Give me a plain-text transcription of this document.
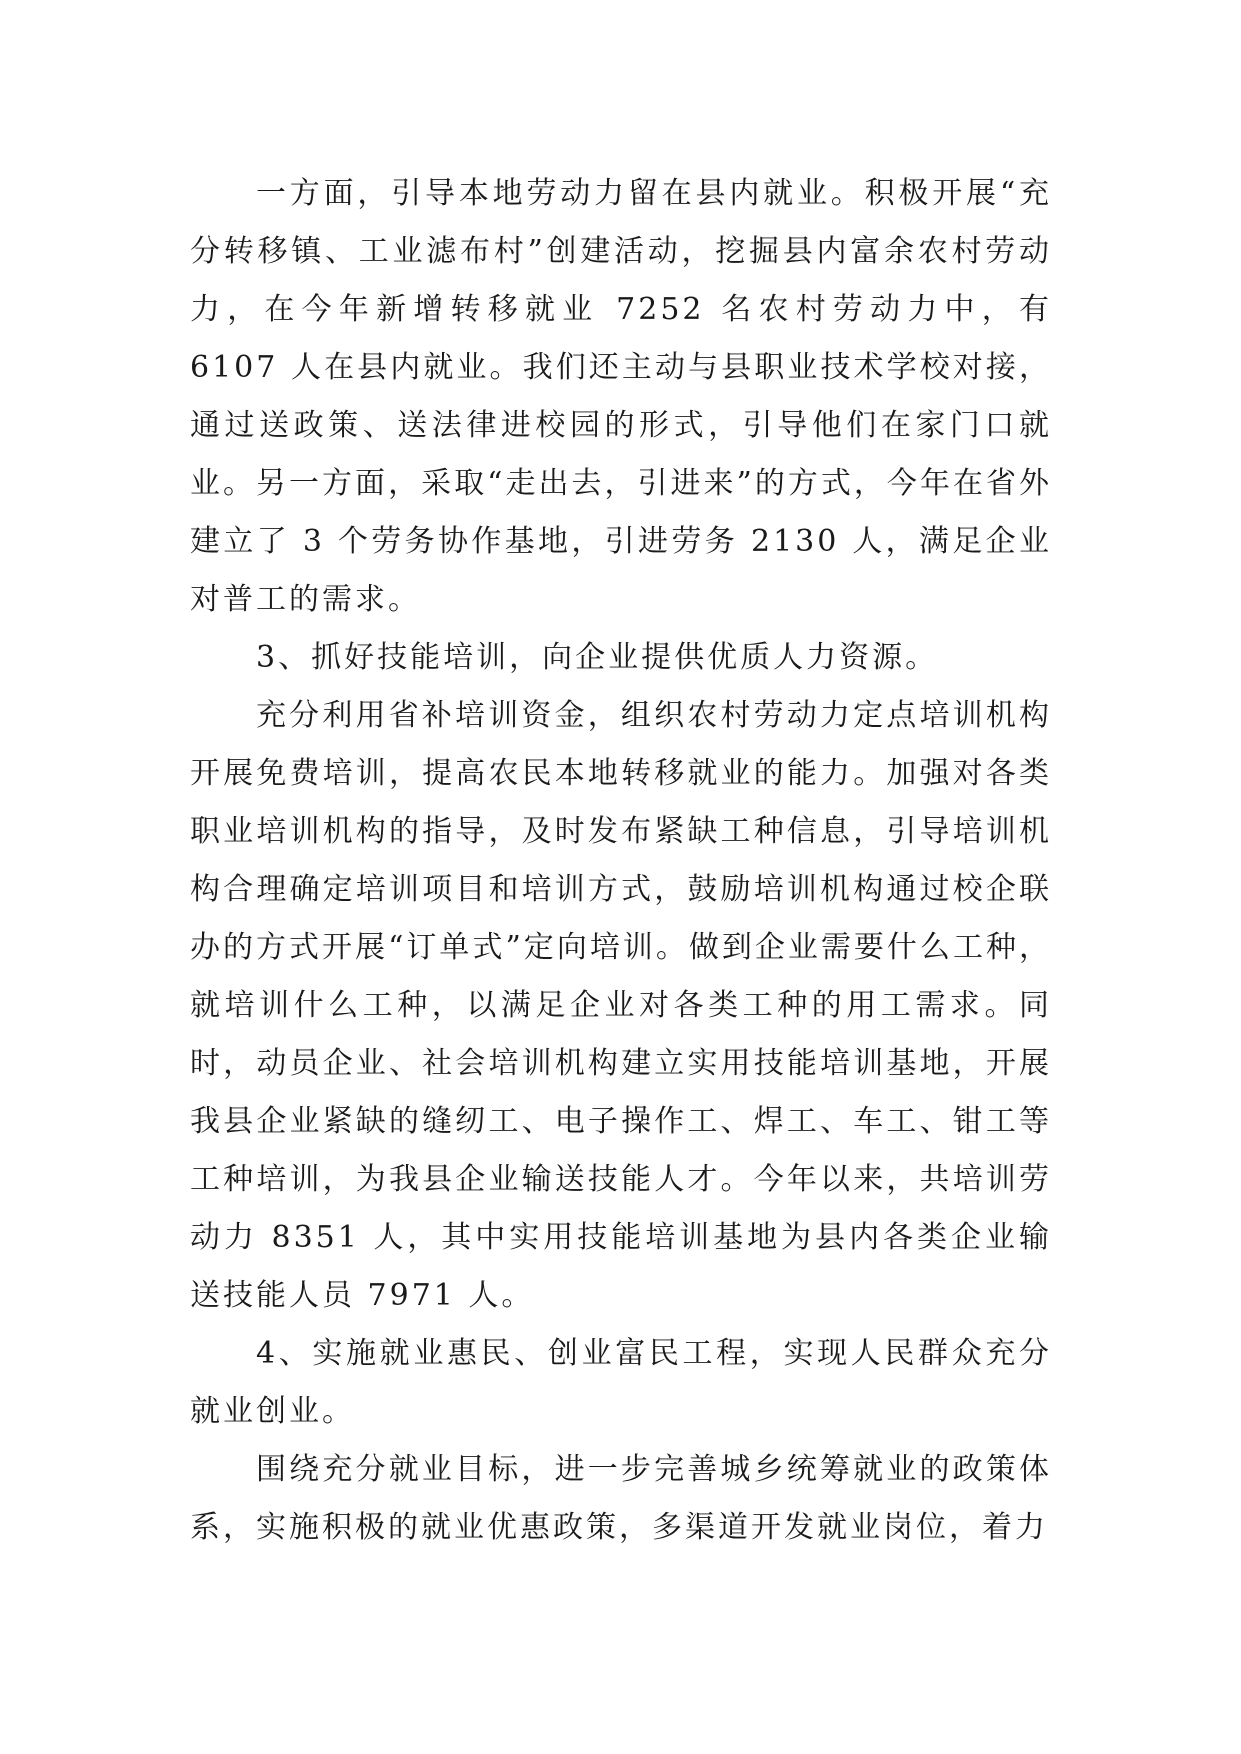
一方面，引导本地劳动力留在县内就业。积极开展“充分转移镇、工业滤布村”创建活动，挖掘县内富余农村劳动力，在今年新增转移就业 7252 名农村劳动力中，有 6107 人在县内就业。我们还主动与县职业技术学校对接，通过送政策、送法律进校园的形式，引导他们在家门口就业。另一方面，采取“走出去，引进来”的方式，今年在省外建立了 3 个劳务协作基地，引进劳务 2130 人，满足企业对普工的需求。

3、抓好技能培训，向企业提供优质人力资源。

充分利用省补培训资金，组织农村劳动力定点培训机构开展免费培训，提高农民本地转移就业的能力。加强对各类职业培训机构的指导，及时发布紧缺工种信息，引导培训机构合理确定培训项目和培训方式，鼓励培训机构通过校企联办的方式开展“订单式”定向培训。做到企业需要什么工种，就培训什么工种，以满足企业对各类工种的用工需求。同时，动员企业、社会培训机构建立实用技能培训基地，开展我县企业紧缺的缝纫工、电子操作工、焊工、车工、钳工等工种培训，为我县企业输送技能人才。今年以来，共培训劳动力 8351 人，其中实用技能培训基地为县内各类企业输送技能人员 7971 人。

4、实施就业惠民、创业富民工程，实现人民群众充分就业创业。

围绕充分就业目标，进一步完善城乡统筹就业的政策体系，实施积极的就业优惠政策，多渠道开发就业岗位，着力
